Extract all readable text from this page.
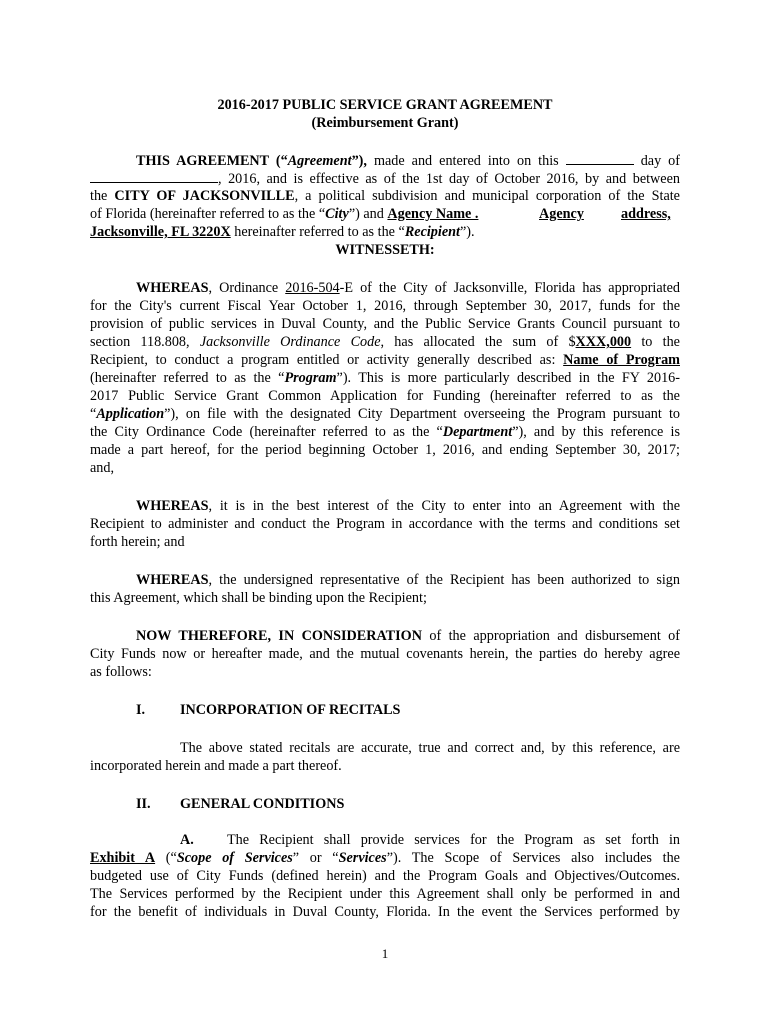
2016-2017 PUBLIC SERVICE GRANT AGREEMENT
(Reimbursement Grant)
THIS AGREEMENT (“Agreement”), made and entered into on this	day of
, 2016, and is effective as of the 1st day of October 2016, by and between
the CITY OF JACKSONVILLE, a political subdivision and municipal corporation of the State
of Florida (hereinafter referred to as the “City”) and Agency Name .	Agency	address,
Jacksonville, FL 3220X hereinafter referred to as the “Recipient”).
WITNESSETH:
WHEREAS, Ordinance 2016-504-E of the City of Jacksonville, Florida has appropriated
for the City's current Fiscal Year October 1, 2016, through September 30, 2017, funds for the
provision of public services in Duval County, and the Public Service Grants Council pursuant to
section 118.808, Jacksonville Ordinance Code, has allocated the sum of $XXX,000 to the
Recipient, to conduct a program entitled or activity generally described as: Name of Program
(hereinafter referred to as the “Program”). This is more particularly described in the FY 2016-
2017 Public Service Grant Common Application for Funding (hereinafter referred to as the
“Application”), on file with the designated City Department overseeing the Program pursuant to
the City Ordinance Code (hereinafter referred to as the “Department”), and by this reference is
made a part hereof, for the period beginning October 1, 2016, and ending September 30, 2017;
and,
WHEREAS, it is in the best interest of the City to enter into an Agreement with the
Recipient to administer and conduct the Program in accordance with the terms and conditions set
forth herein; and
WHEREAS, the undersigned representative of the Recipient has been authorized to sign
this Agreement, which shall be binding upon the Recipient;
NOW THEREFORE, IN CONSIDERATION of the appropriation and disbursement of
City Funds now or hereafter made, and the mutual covenants herein, the parties do hereby agree
as follows:
I. INCORPORATION OF RECITALS
The above stated recitals are accurate, true and correct and, by this reference, are
incorporated herein and made a part thereof.
II. GENERAL CONDITIONS
A. The Recipient shall provide services for the Program as set forth in
Exhibit A (“Scope of Services” or “Services”). The Scope of Services also includes the
budgeted use of City Funds (defined herein) and the Program Goals and Objectives/Outcomes.
The Services performed by the Recipient under this Agreement shall only be performed in and
for the benefit of individuals in Duval County, Florida. In the event the Services performed by
1
